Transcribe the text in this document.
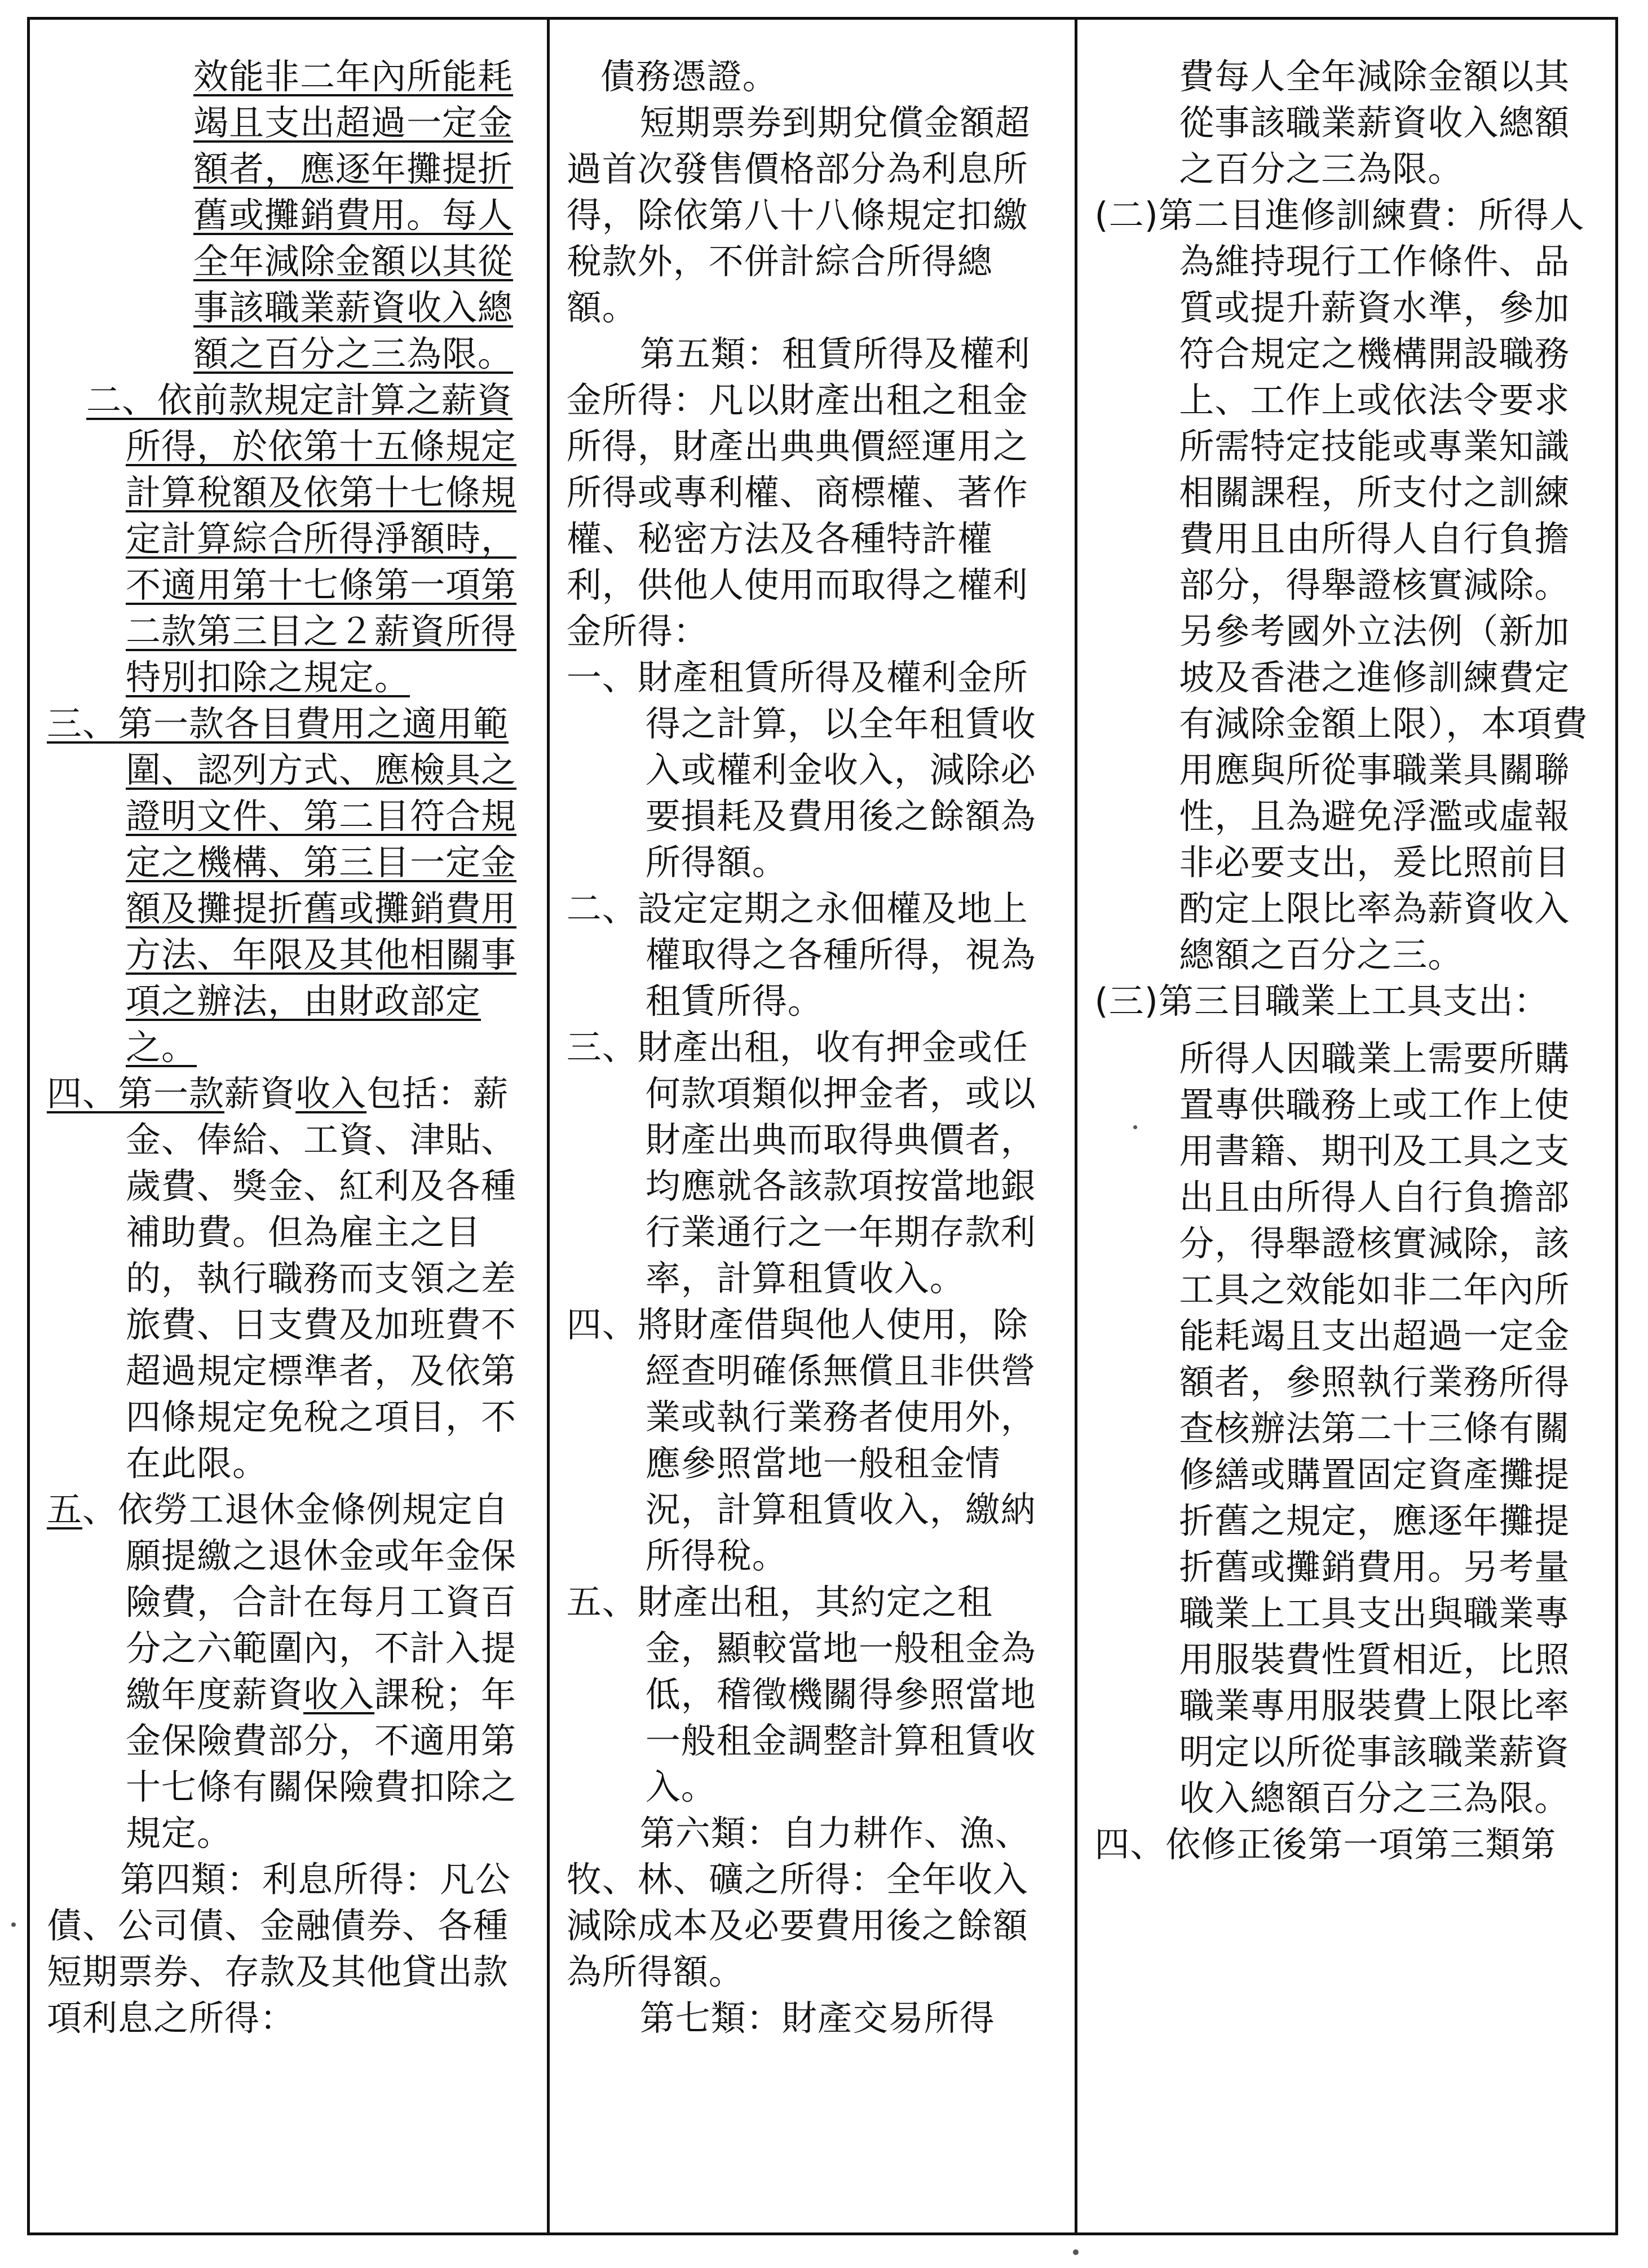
效能非二年內所能耗竭且支出超過一定金額者，應逐年攤提折舊或攤銷費用。每人全年減除金額以其從事該職業薪資收入總額之百分之三為限。

二、依前款規定計算之薪資所得，於依第十五條規定計算稅額及依第十七條規定計算綜合所得淨額時，不適用第十七條第一項第二款第三目之２薪資所得特別扣除之規定。

三、第一款各目費用之適用範圍、認列方式、應檢具之證明文件、第二目符合規定之機構、第三目一定金額及攤提折舊或攤銷費用方法、年限及其他相關事項之辦法，由財政部定之。

四、第一款薪資收入包括：薪金、俸給、工資、津貼、歲費、獎金、紅利及各種補助費。但為雇主之目的，執行職務而支領之差旅費、日支費及加班費不超過規定標準者，及依第四條規定免稅之項目，不在此限。

五、依勞工退休金條例規定自願提繳之退休金或年金保險費，合計在每月工資百分之六範圍內，不計入提繳年度薪資收入課稅；年金保險費部分，不適用第十七條有關保險費扣除之規定。

第四類：利息所得：凡公債、公司債、金融債券、各種短期票券、存款及其他貸出款項利息之所得：

債務憑證。

短期票券到期兌償金額超過首次發售價格部分為利息所得，除依第八十八條規定扣繳稅款外，不併計綜合所得總額。

第五類：租賃所得及權利金所得：凡以財產出租之租金所得，財產出典典價經運用之所得或專利權、商標權、著作權、秘密方法及各種特許權利，供他人使用而取得之權利金所得：

一、財產租賃所得及權利金所得之計算，以全年租賃收入或權利金收入，減除必要損耗及費用後之餘額為所得額。

二、設定定期之永佃權及地上權取得之各種所得，視為租賃所得。

三、財產出租，收有押金或任何款項類似押金者，或以財產出典而取得典價者，均應就各該款項按當地銀行業通行之一年期存款利率，計算租賃收入。

四、將財產借與他人使用，除經查明確係無償且非供營業或執行業務者使用外，應參照當地一般租金情況，計算租賃收入，繳納所得稅。

五、財產出租，其約定之租金，顯較當地一般租金為低，稽徵機關得參照當地一般租金調整計算租賃收入。

第六類：自力耕作、漁、牧、林、礦之所得：全年收入減除成本及必要費用後之餘額為所得額。

第七類：財產交易所得

費每人全年減除金額以其從事該職業薪資收入總額之百分之三為限。

(二)第二目進修訓練費：所得人為維持現行工作條件、品質或提升薪資水準，參加符合規定之機構開設職務上、工作上或依法令要求所需特定技能或專業知識相關課程，所支付之訓練費用且由所得人自行負擔部分，得舉證核實減除。另參考國外立法例（新加坡及香港之進修訓練費定有減除金額上限），本項費用應與所從事職業具關聯性，且為避免浮濫或虛報非必要支出，爰比照前目酌定上限比率為薪資收入總額之百分之三。

(三)第三目職業上工具支出：

所得人因職業上需要所購置專供職務上或工作上使用書籍、期刊及工具之支出且由所得人自行負擔部分，得舉證核實減除，該工具之效能如非二年內所能耗竭且支出超過一定金額者，參照執行業務所得查核辦法第二十三條有關修繕或購置固定資產攤提折舊之規定，應逐年攤提折舊或攤銷費用。另考量職業上工具支出與職業專用服裝費性質相近，比照職業專用服裝費上限比率明定以所從事該職業薪資收入總額百分之三為限。

四、依修正後第一項第三類第
